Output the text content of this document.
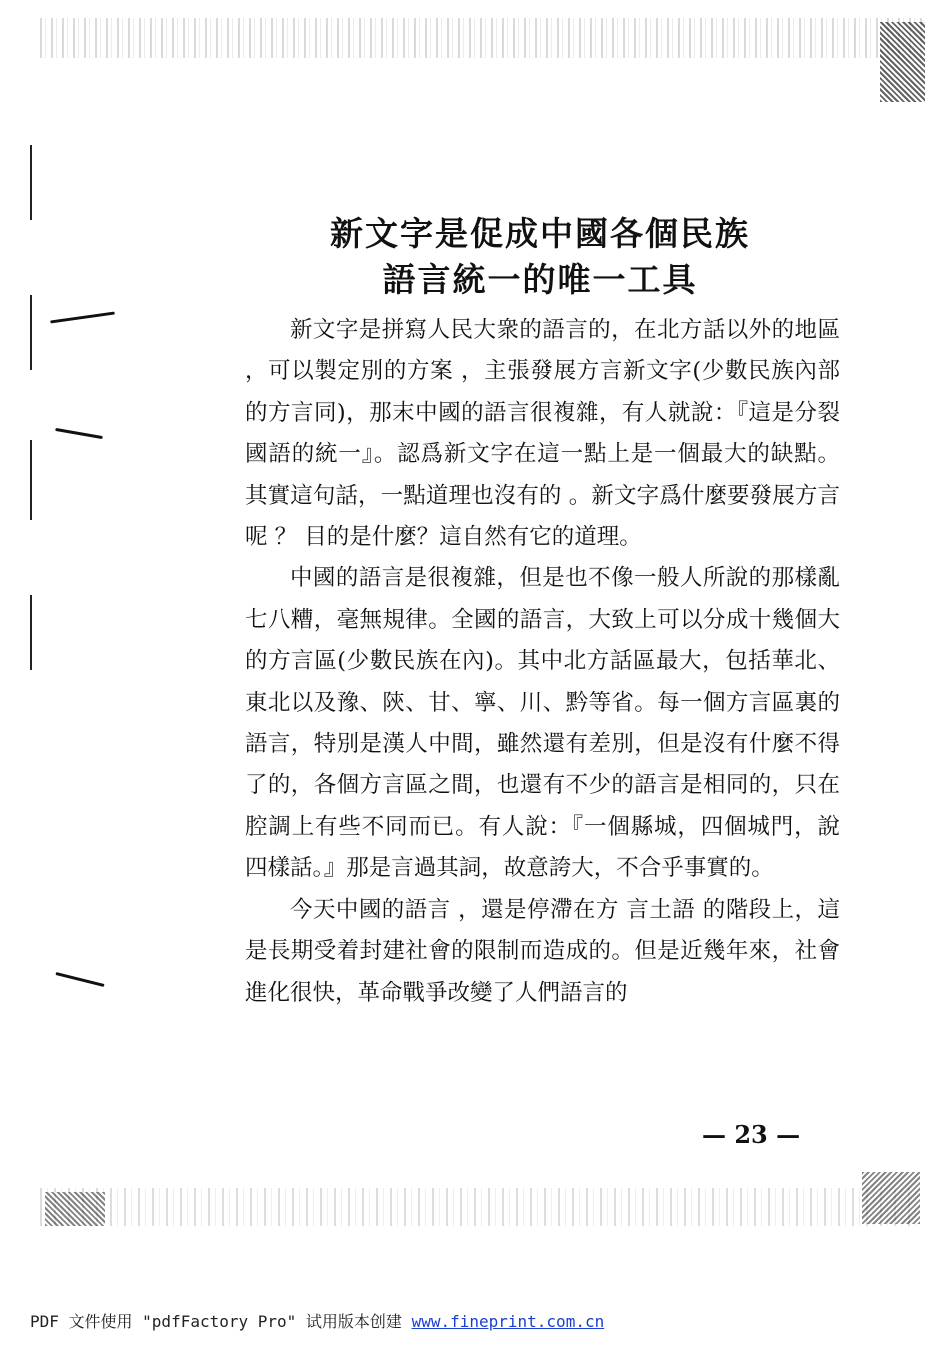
新文字是促成中國各個民族
語言統一的唯一工具

新文字是拼寫人民大衆的語言的，在北方話以外的地區 ，可以製定別的方案 ，主張發展方言新文字(少數民族內部的方言同)，那末中國的語言很複雜，有人就說：『這是分裂國語的統一』。認爲新文字在這一點上是一個最大的缺點。其實這句話，一點道理也沒有的 。新文字爲什麼要發展方言呢 ？ 目的是什麼？這自然有它的道理。

中國的語言是很複雜，但是也不像一般人所說的那樣亂七八糟，毫無規律。全國的語言，大致上可以分成十幾個大的方言區(少數民族在內)。其中北方話區最大，包括華北、東北以及豫、陝、甘、寧、川、黔等省。每一個方言區裏的語言，特別是漢人中間，雖然還有差別，但是沒有什麼不得了的，各個方言區之間，也還有不少的語言是相同的，只在腔調上有些不同而已。有人說：『一個縣城，四個城門，說四樣話。』那是言過其詞，故意誇大，不合乎事實的。

今天中國的語言 ，還是停滯在方 言土語 的階段上，這是長期受着封建社會的限制而造成的。但是近幾年來，社會進化很快，革命戰爭改變了人們語言的

— 23 —

PDF 文件使用 "pdfFactory Pro" 试用版本创建 www.fineprint.com.cn
